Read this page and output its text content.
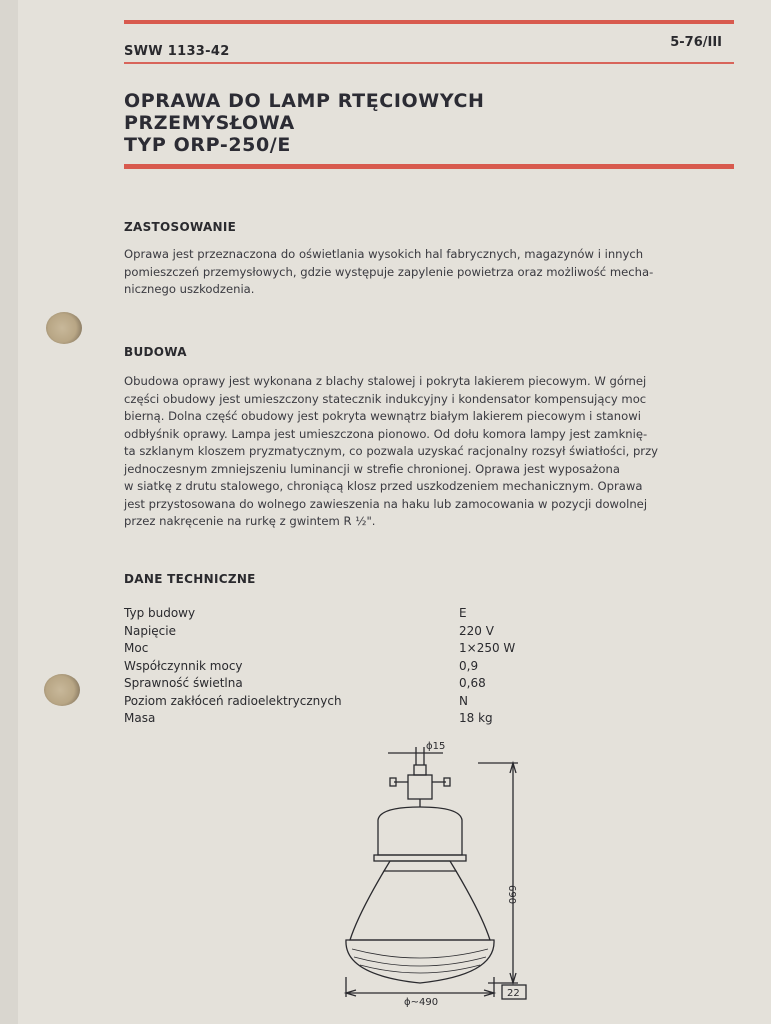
SWW 1133-42
5-76/III
OPRAWA DO LAMP RTĘCIOWYCH
PRZEMYSŁOWA
TYP ORP-250/E
ZASTOSOWANIE
Oprawa jest przeznaczona do oświetlania wysokich hal fabrycznych, magazynów i innych
pomieszczeń przemysłowych, gdzie występuje zapylenie powietrza oraz możliwość mecha-
nicznego uszkodzenia.
BUDOWA
Obudowa oprawy jest wykonana z blachy stalowej i pokryta lakierem piecowym. W górnej
części obudowy jest umieszczony statecznik indukcyjny i kondensator kompensujący moc
bierną. Dolna część obudowy jest pokryta wewnątrz białym lakierem piecowym i stanowi
odbłyśnik oprawy. Lampa jest umieszczona pionowo. Od dołu komora lampy jest zamknię-
ta szklanym kloszem pryzmatycznym, co pozwala uzyskać racjonalny rozsył światłości, przy
jednoczesnym zmniejszeniu luminancji w strefie chronionej. Oprawa jest wyposażona
w siatkę z drutu stalowego, chroniącą klosz przed uszkodzeniem mechanicznym. Oprawa
jest przystosowana do wolnego zawieszenia na haku lub zamocowania w pozycji dowolnej
przez nakręcenie na rurkę z gwintem R ½".
DANE TECHNICZNE
Typ budowy	E
Napięcie	220 V
Moc	1×250 W
Współczynnik mocy	0,9
Sprawność świetlna	0,68
Poziom zakłóceń radioelektrycznych	N
Masa	18 kg
ϕ15
690
ϕ~490
22
